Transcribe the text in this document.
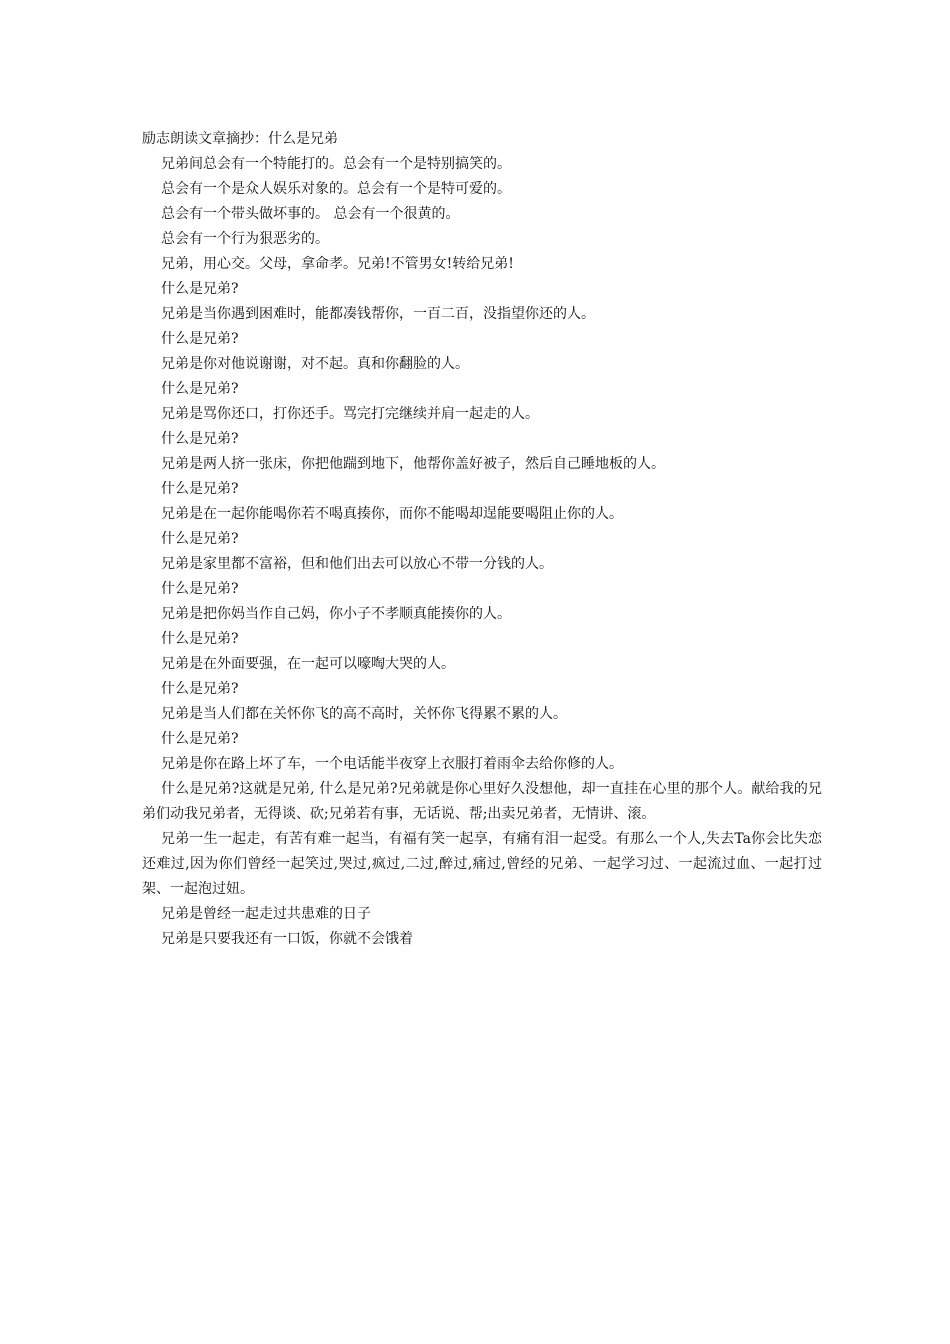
励志朗读文章摘抄：什么是兄弟

兄弟间总会有一个特能打的。总会有一个是特别搞笑的。

总会有一个是众人娱乐对象的。总会有一个是特可爱的。

总会有一个带头做坏事的。 总会有一个很黄的。

总会有一个行为狠恶劣的。

兄弟，用心交。父母，拿命孝。兄弟!不管男女!转给兄弟!

什么是兄弟?

兄弟是当你遇到困难时，能都凑钱帮你，一百二百，没指望你还的人。

什么是兄弟?

兄弟是你对他说谢谢，对不起。真和你翻脸的人。

什么是兄弟?

兄弟是骂你还口，打你还手。骂完打完继续并肩一起走的人。

什么是兄弟?

兄弟是两人挤一张床，你把他踹到地下，他帮你盖好被子，然后自己睡地板的人。

什么是兄弟?

兄弟是在一起你能喝你若不喝真揍你，而你不能喝却逞能要喝阻止你的人。

什么是兄弟?

兄弟是家里都不富裕，但和他们出去可以放心不带一分钱的人。

什么是兄弟?

兄弟是把你妈当作自己妈，你小子不孝顺真能揍你的人。

什么是兄弟?

兄弟是在外面要强，在一起可以嚎啕大哭的人。

什么是兄弟?

兄弟是当人们都在关怀你飞的高不高时，关怀你飞得累不累的人。

什么是兄弟?

兄弟是你在路上坏了车，一个电话能半夜穿上衣服打着雨伞去给你修的人。

什么是兄弟?这就是兄弟, 什么是兄弟?兄弟就是你心里好久没想他，却一直挂在心里的那个人。献给我的兄弟们动我兄弟者，无得谈、砍;兄弟若有事，无话说、帮;出卖兄弟者，无情讲、滚。

兄弟一生一起走，有苦有难一起当，有福有笑一起享，有痛有泪一起受。有那么一个人,失去Ta你会比失恋还难过,因为你们曾经一起笑过,哭过,疯过,二过,醉过,痛过,曾经的兄弟、一起学习过、一起流过血、一起打过架、一起泡过妞。

兄弟是曾经一起走过共患难的日子

兄弟是只要我还有一口饭，你就不会饿着
